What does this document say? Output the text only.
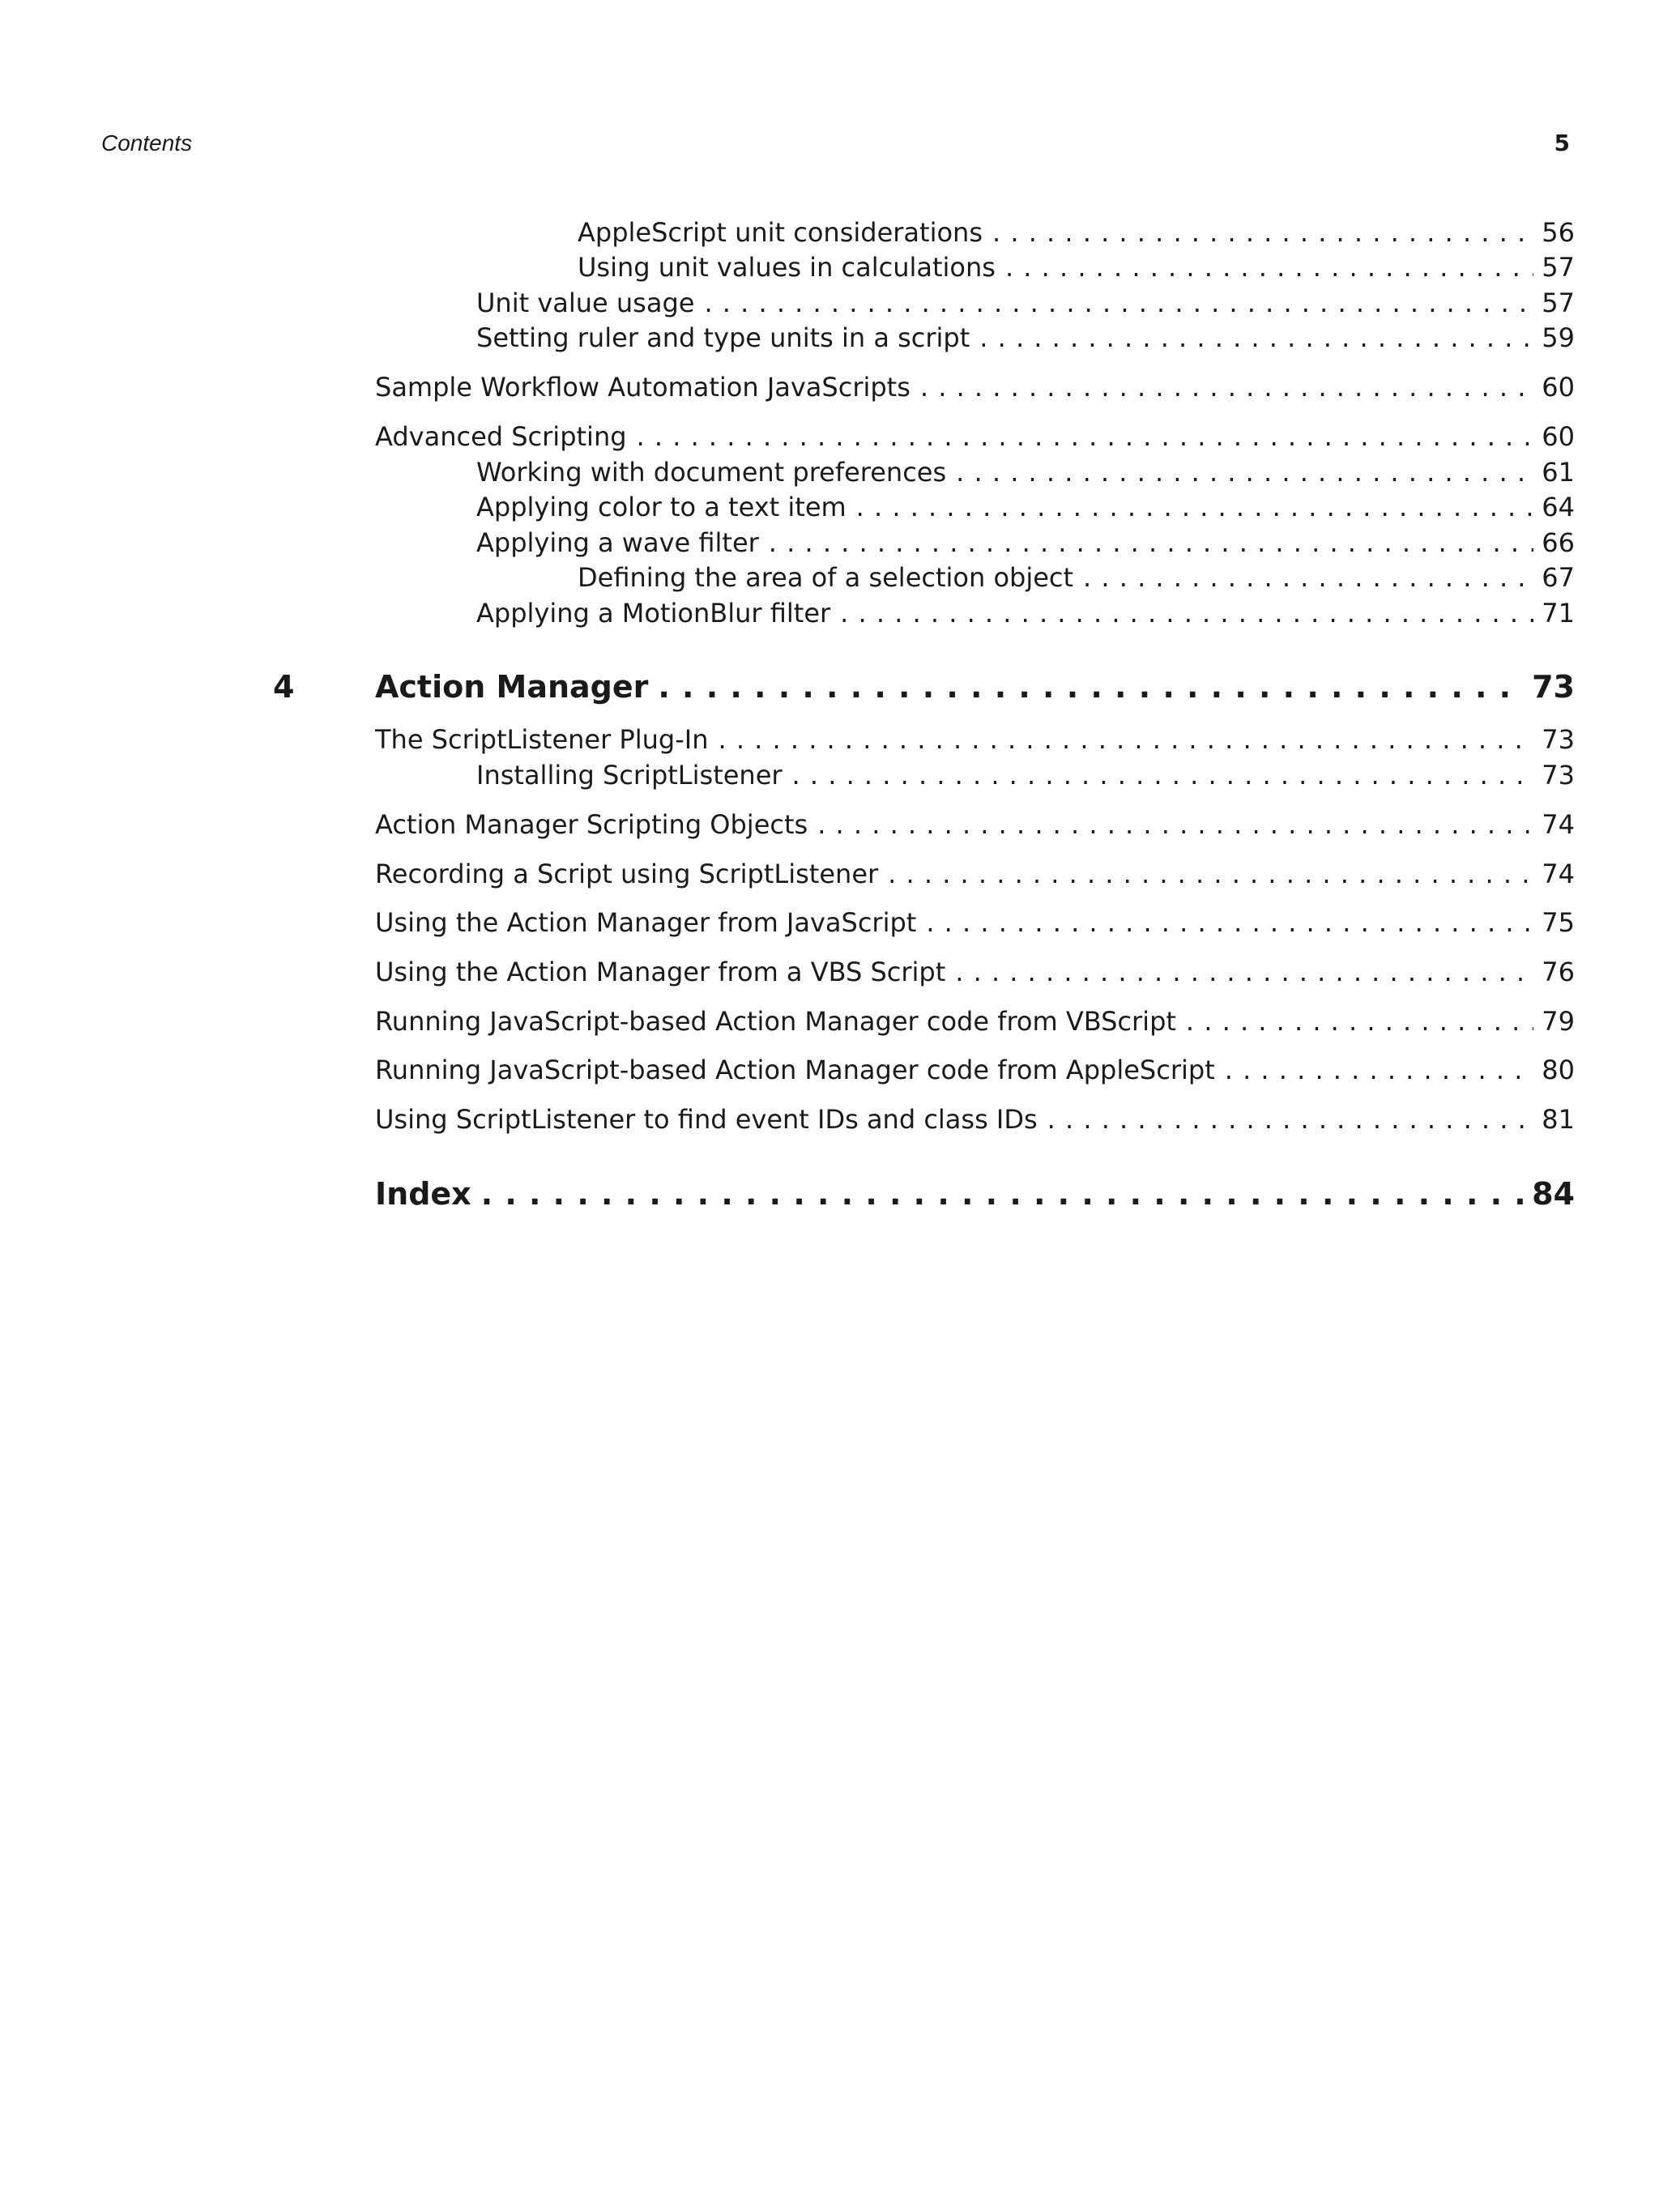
Contents	5
AppleScript unit considerations . . .	56
Using unit values in calculations . . .	57
Unit value usage . . .	57
Setting ruler and type units in a script . . .	59
Sample Workflow Automation JavaScripts . . .	60
Advanced Scripting . . .	60
Working with document preferences . . .	61
Applying color to a text item . . .	64
Applying a wave filter . . .	66
Defining the area of a selection object . . .	67
Applying a MotionBlur filter . . .	71
4	Action Manager . . .	73
The ScriptListener Plug-In . . .	73
Installing ScriptListener . . .	73
Action Manager Scripting Objects . . .	74
Recording a Script using ScriptListener . . .	74
Using the Action Manager from JavaScript . . .	75
Using the Action Manager from a VBS Script . . .	76
Running JavaScript-based Action Manager code from VBScript . . .	79
Running JavaScript-based Action Manager code from AppleScript . . .	80
Using ScriptListener to find event IDs and class IDs . . .	81
Index . . .	84
